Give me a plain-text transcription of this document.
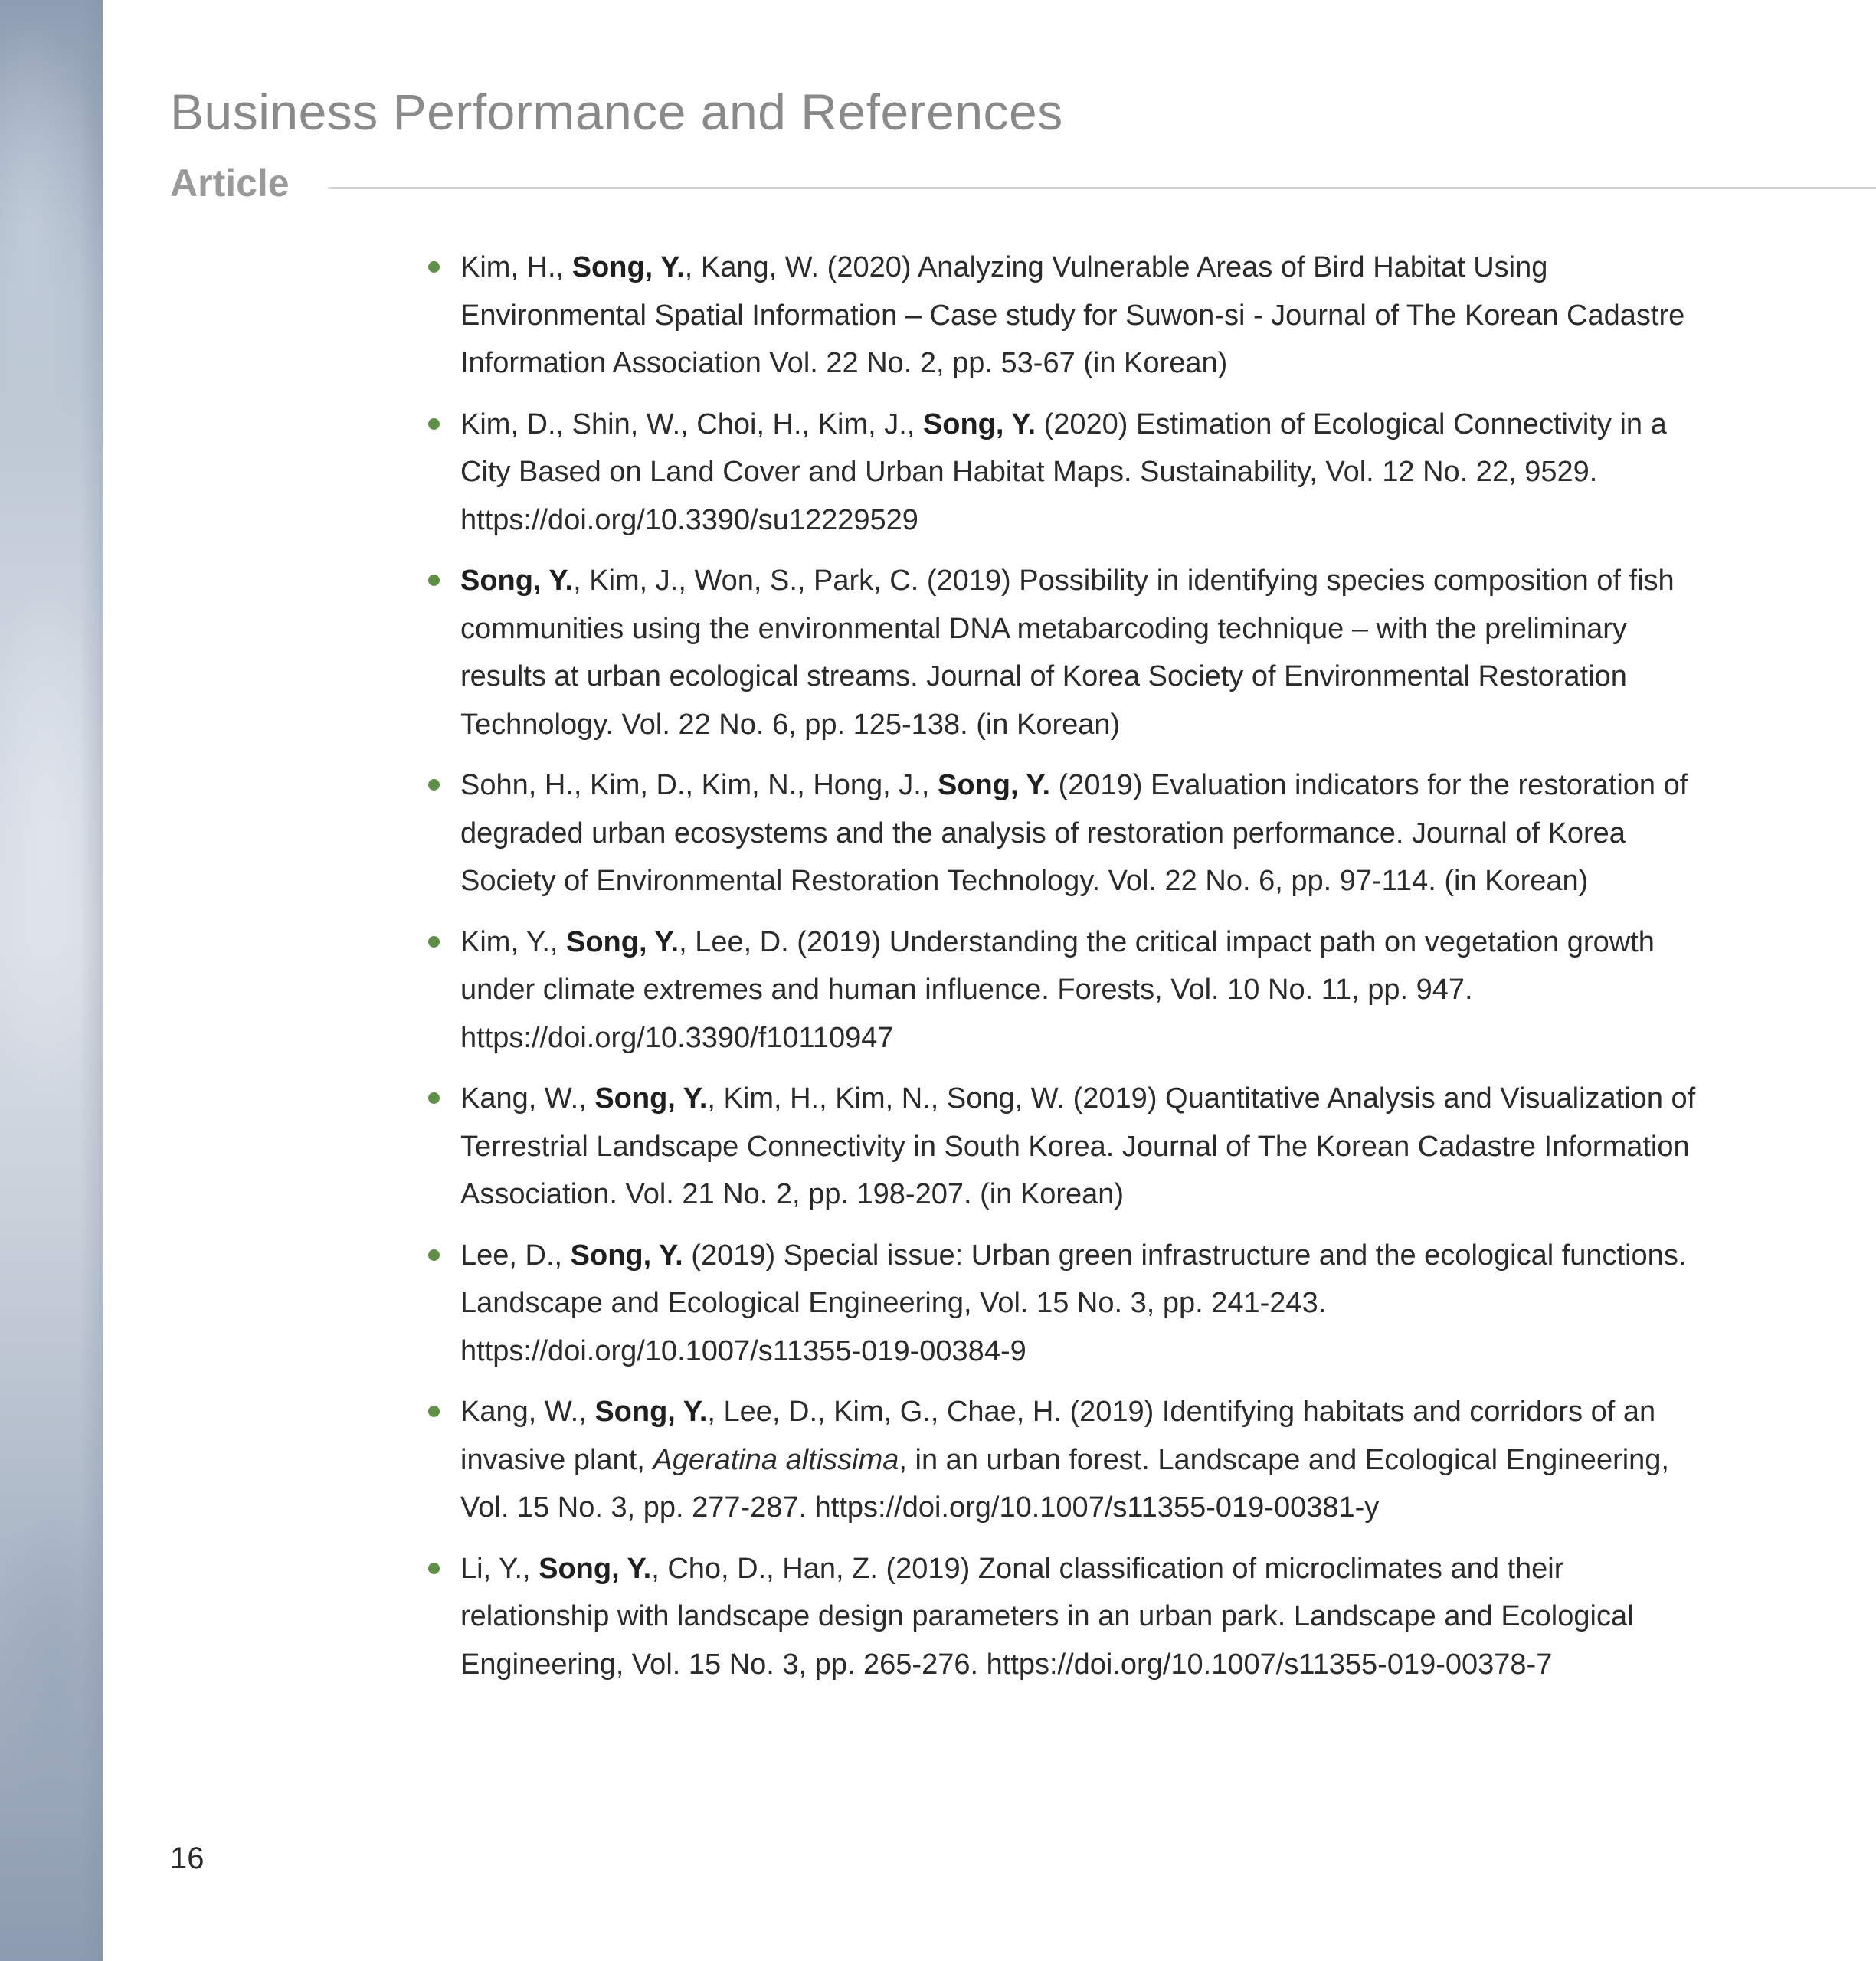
Business Performance and References
Article
Kim, H., Song, Y., Kang, W. (2020) Analyzing Vulnerable Areas of Bird Habitat Using Environmental Spatial Information – Case study for Suwon-si - Journal of The Korean Cadastre Information Association Vol. 22 No. 2, pp. 53-67 (in Korean)
Kim, D., Shin, W., Choi, H., Kim, J., Song, Y. (2020) Estimation of Ecological Connectivity in a City Based on Land Cover and Urban Habitat Maps. Sustainability, Vol. 12 No. 22, 9529. https://doi.org/10.3390/su12229529
Song, Y., Kim, J., Won, S., Park, C. (2019) Possibility in identifying species composition of fish communities using the environmental DNA metabarcoding technique – with the preliminary results at urban ecological streams. Journal of Korea Society of Environmental Restoration Technology. Vol. 22 No. 6, pp. 125-138. (in Korean)
Sohn, H., Kim, D., Kim, N., Hong, J., Song, Y. (2019) Evaluation indicators for the restoration of degraded urban ecosystems and the analysis of restoration performance. Journal of Korea Society of Environmental Restoration Technology. Vol. 22 No. 6, pp. 97-114. (in Korean)
Kim, Y., Song, Y., Lee, D. (2019) Understanding the critical impact path on vegetation growth under climate extremes and human influence. Forests, Vol. 10 No. 11, pp. 947. https://doi.org/10.3390/f10110947
Kang, W., Song, Y., Kim, H., Kim, N., Song, W. (2019) Quantitative Analysis and Visualization of Terrestrial Landscape Connectivity in South Korea. Journal of The Korean Cadastre Information Association. Vol. 21 No. 2, pp. 198-207. (in Korean)
Lee, D., Song, Y. (2019) Special issue: Urban green infrastructure and the ecological functions. Landscape and Ecological Engineering, Vol. 15 No. 3, pp. 241-243. https://doi.org/10.1007/s11355-019-00384-9
Kang, W., Song, Y., Lee, D., Kim, G., Chae, H. (2019) Identifying habitats and corridors of an invasive plant, Ageratina altissima, in an urban forest. Landscape and Ecological Engineering, Vol. 15 No. 3, pp. 277-287. https://doi.org/10.1007/s11355-019-00381-y
Li, Y., Song, Y., Cho, D., Han, Z. (2019) Zonal classification of microclimates and their relationship with landscape design parameters in an urban park. Landscape and Ecological Engineering, Vol. 15 No. 3, pp. 265-276. https://doi.org/10.1007/s11355-019-00378-7
16
